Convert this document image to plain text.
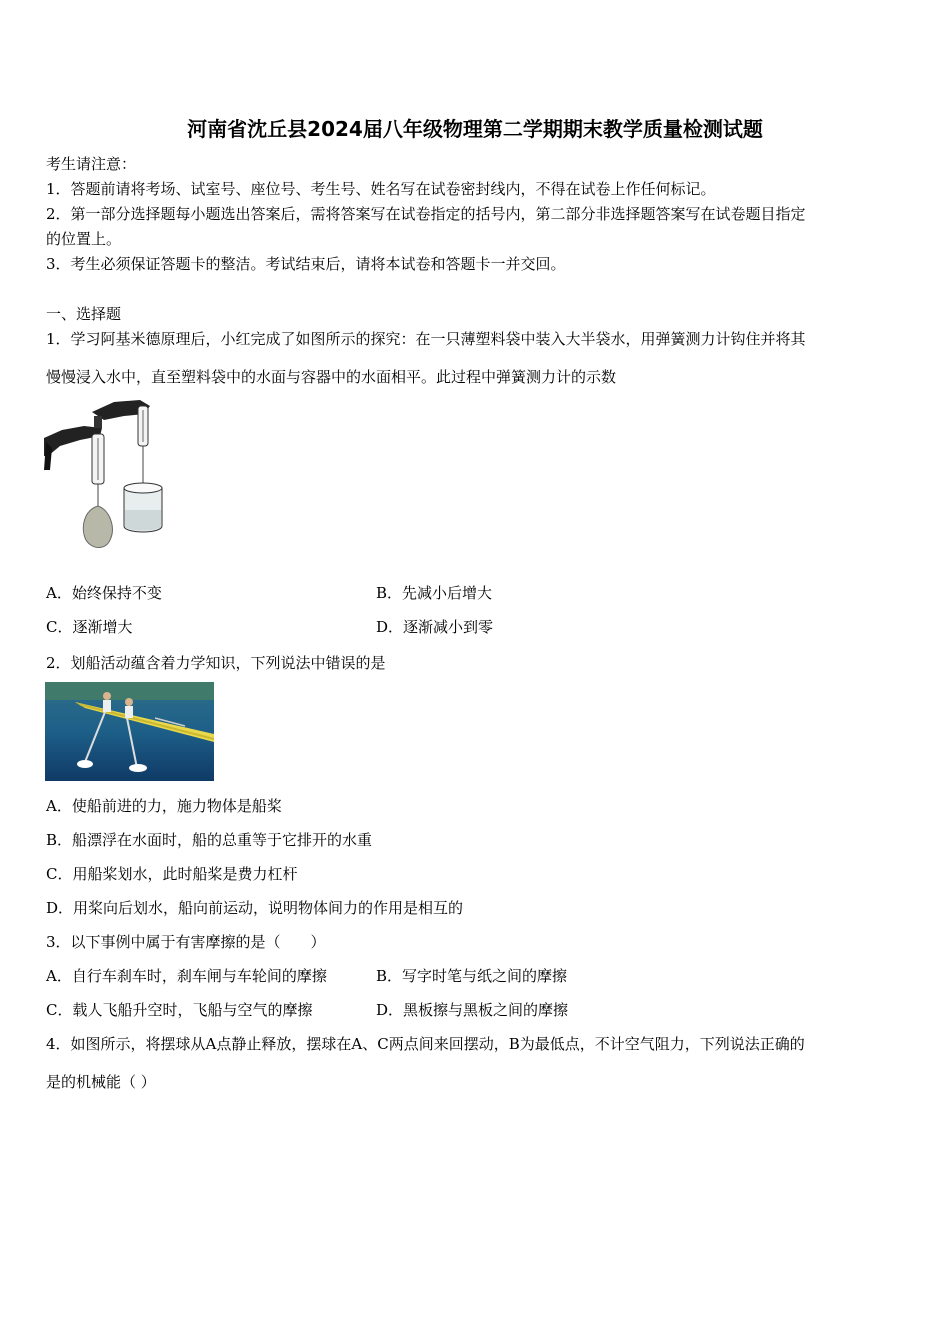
河南省沈丘县2024届八年级物理第二学期期末教学质量检测试题
考生请注意：
1．答题前请将考场、试室号、座位号、考生号、姓名写在试卷密封线内，不得在试卷上作任何标记。
2．第一部分选择题每小题选出答案后，需将答案写在试卷指定的括号内，第二部分非选择题答案写在试卷题目指定
的位置上。
3．考生必须保证答题卡的整洁。考试结束后，请将本试卷和答题卡一并交回。
一、选择题
1．学习阿基米德原理后，小红完成了如图所示的探究：在一只薄塑料袋中装入大半袋水，用弹簧测力计钩住并将其
慢慢浸入水中，直至塑料袋中的水面与容器中的水面相平。此过程中弹簧测力计的示数
A．始终保持不变	B．先减小后增大
C．逐渐增大	D．逐渐减小到零
2．划船活动蕴含着力学知识，下列说法中错误的是
A．使船前进的力，施力物体是船桨
B．船漂浮在水面时，船的总重等于它排开的水重
C．用船桨划水，此时船桨是费力杠杆
D．用桨向后划水，船向前运动，说明物体间力的作用是相互的
3．以下事例中属于有害摩擦的是（　　）
A．自行车刹车时，刹车闸与车轮间的摩擦	B．写字时笔与纸之间的摩擦
C．载人飞船升空时，飞船与空气的摩擦	D．黑板擦与黑板之间的摩擦
4．如图所示，将摆球从A点静止释放，摆球在A、C两点间来回摆动，B为最低点，不计空气阻力，下列说法正确的
是的机械能（ ）
